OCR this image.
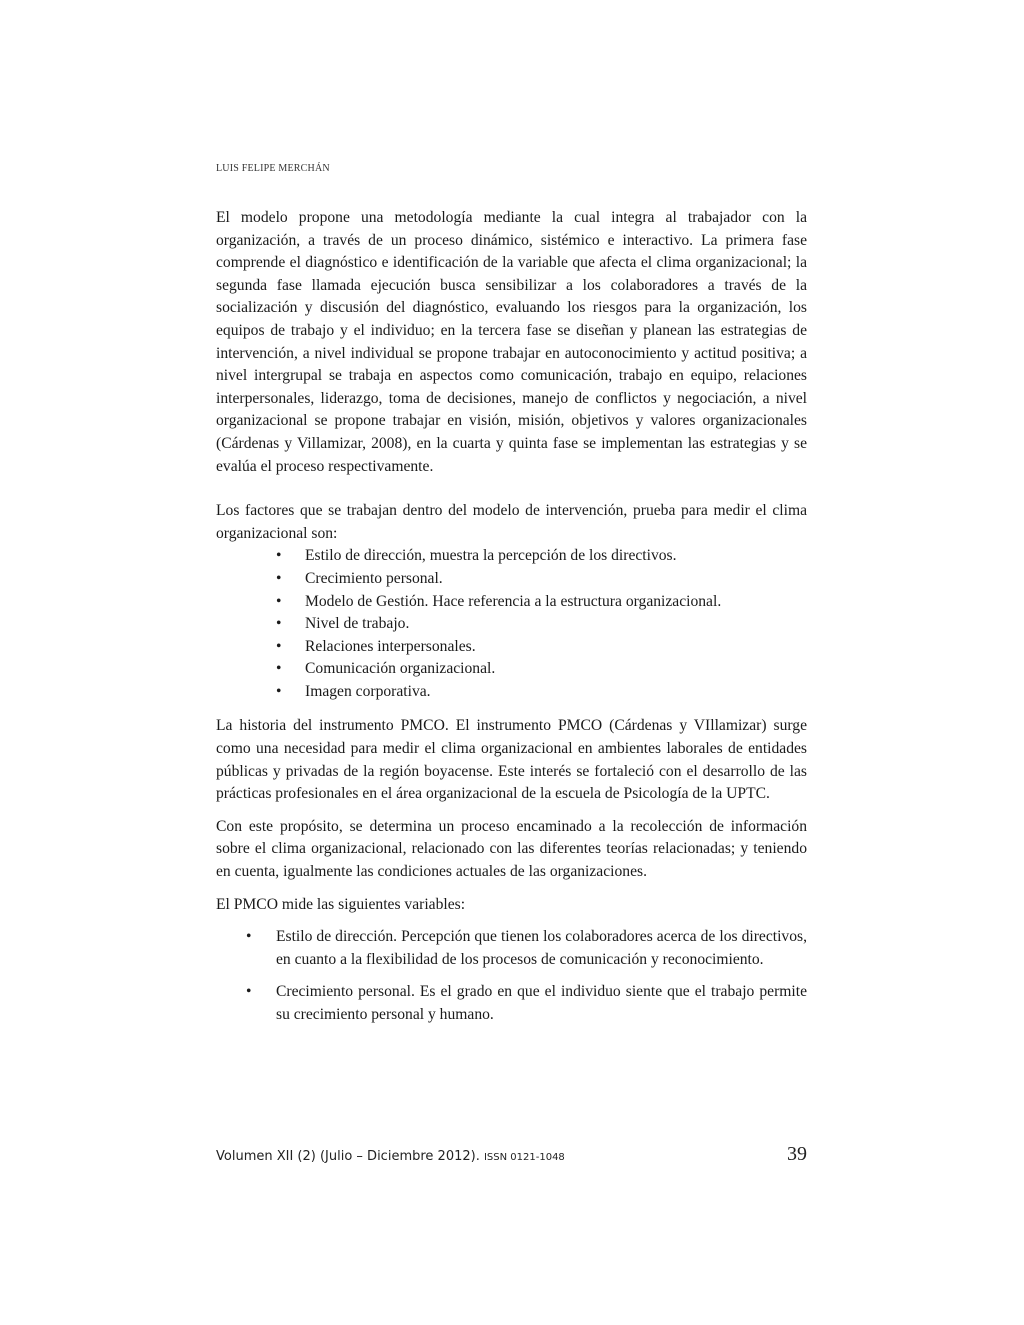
LUIS FELIPE MERCHÁN

El modelo propone una metodología mediante la cual integra al trabajador con la organización, a través de un proceso dinámico, sistémico e interactivo. La primera fase comprende el diagnóstico e identificación de la variable que afecta el clima organizacional; la segunda fase llamada ejecución busca sensibilizar a los colaboradores a través de la socialización y discusión del diagnóstico, evaluando los riesgos para la organización, los equipos de trabajo y el individuo; en la tercera fase se diseñan y planean las estrategias de intervención, a nivel individual se propone trabajar en autoconocimiento y actitud positiva; a nivel intergrupal se trabaja en aspectos como comunicación, trabajo en equipo, relaciones interpersonales, liderazgo, toma de decisiones, manejo de conflictos y negociación, a nivel organizacional se propone trabajar en visión, misión, objetivos y valores organizacionales (Cárdenas y Villamizar, 2008), en la cuarta y quinta fase se implementan las estrategias y se evalúa el proceso respectivamente.

Los factores que se trabajan dentro del modelo de intervención, prueba para medir el clima organizacional son:

• Estilo de dirección, muestra la percepción de los directivos.
• Crecimiento personal.
• Modelo de Gestión. Hace referencia a la estructura organizacional.
• Nivel de trabajo.
• Relaciones interpersonales.
• Comunicación organizacional.
• Imagen corporativa.

La historia del instrumento PMCO. El instrumento PMCO (Cárdenas y VIllamizar) surge como una necesidad para medir el clima organizacional en ambientes laborales de entidades públicas y privadas de la región boyacense. Este interés se fortaleció con el desarrollo de las prácticas profesionales en el área organizacional de la escuela de Psicología de la UPTC.

Con este propósito, se determina un proceso encaminado a la recolección de información sobre el clima organizacional, relacionado con las diferentes teorías relacionadas; y teniendo en cuenta, igualmente las condiciones actuales de las organizaciones.

El PMCO mide las siguientes variables:

• Estilo de dirección. Percepción que tienen los colaboradores acerca de los directivos, en cuanto a la flexibilidad de los procesos de comunicación y reconocimiento.
• Crecimiento personal. Es el grado en que el individuo siente que el trabajo permite su crecimiento personal y humano.
Volumen XII (2) (Julio – Diciembre 2012). ISSN 0121-1048	39
